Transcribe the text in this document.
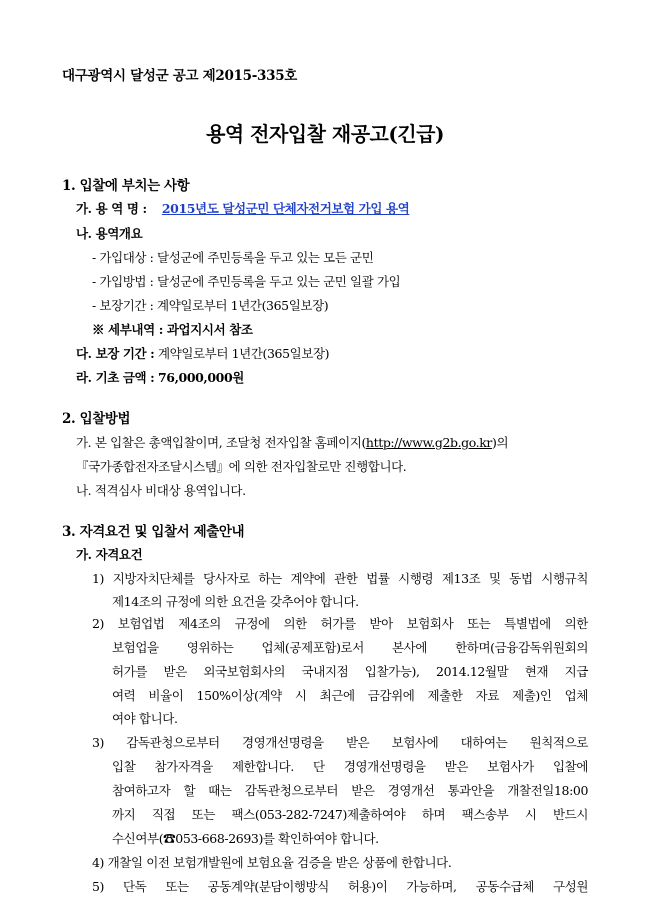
대구광역시 달성군 공고 제2015-335호
용역 전자입찰 재공고(긴급)
1. 입찰에 부치는 사항
가. 용 역 명 : 2015년도 달성군민 단체자전거보험 가입 용역
나. 용역개요
- 가입대상 : 달성군에 주민등록을 두고 있는 모든 군민
- 가입방법 : 달성군에 주민등록을 두고 있는 군민 일괄 가입
- 보장기간 : 계약일로부터 1년간(365일보장)
※ 세부내역 : 과업지시서 참조
다. 보장 기간 : 계약일로부터 1년간(365일보장)
라. 기초 금액 : 76,000,000원
2. 입찰방법
가. 본 입찰은 총액입찰이며, 조달청 전자입찰 홈페이지(http://www.g2b.go.kr)의
『국가종합전자조달시스템』에 의한 전자입찰로만 진행합니다.
나. 적격심사 비대상 용역입니다.
3. 자격요건 및 입찰서 제출안내
가. 자격요건
1) 지방자치단체를 당사자로 하는 계약에 관한 법률 시행령 제13조 및 동법 시행규칙
제14조의 규정에 의한 요건을 갖추어야 합니다.
2) 보험업법 제4조의 규정에 의한 허가를 받아 보험회사 또는 특별법에 의한
보험업을 영위하는 업체(공제포함)로서 본사에 한하며(금융감독위원회의
허가를 받은 외국보험회사의 국내지점 입찰가능), 2014.12월말 현재 지급
여력 비율이 150%이상(계약 시 최근에 금감위에 제출한 자료 제출)인 업체
여야 합니다.
3) 감독관청으로부터 경영개선명령을 받은 보험사에 대하여는 원칙적으로
입찰 참가자격을 제한합니다. 단 경영개선명령을 받은 보험사가 입찰에
참여하고자 할 때는 감독관청으로부터 받은 경영개선 통과안을 개찰전일18:00
까지 직접 또는 팩스(053-282-7247)제출하여야 하며 팩스송부 시 반드시
수신여부(☎053-668-2693)를 확인하여야 합니다.
4) 개찰일 이전 보험개발원에 보험요율 검증을 받은 상품에 한합니다.
5) 단독 또는 공동계약(분담이행방식 허용)이 가능하며, 공동수급체 구성원
